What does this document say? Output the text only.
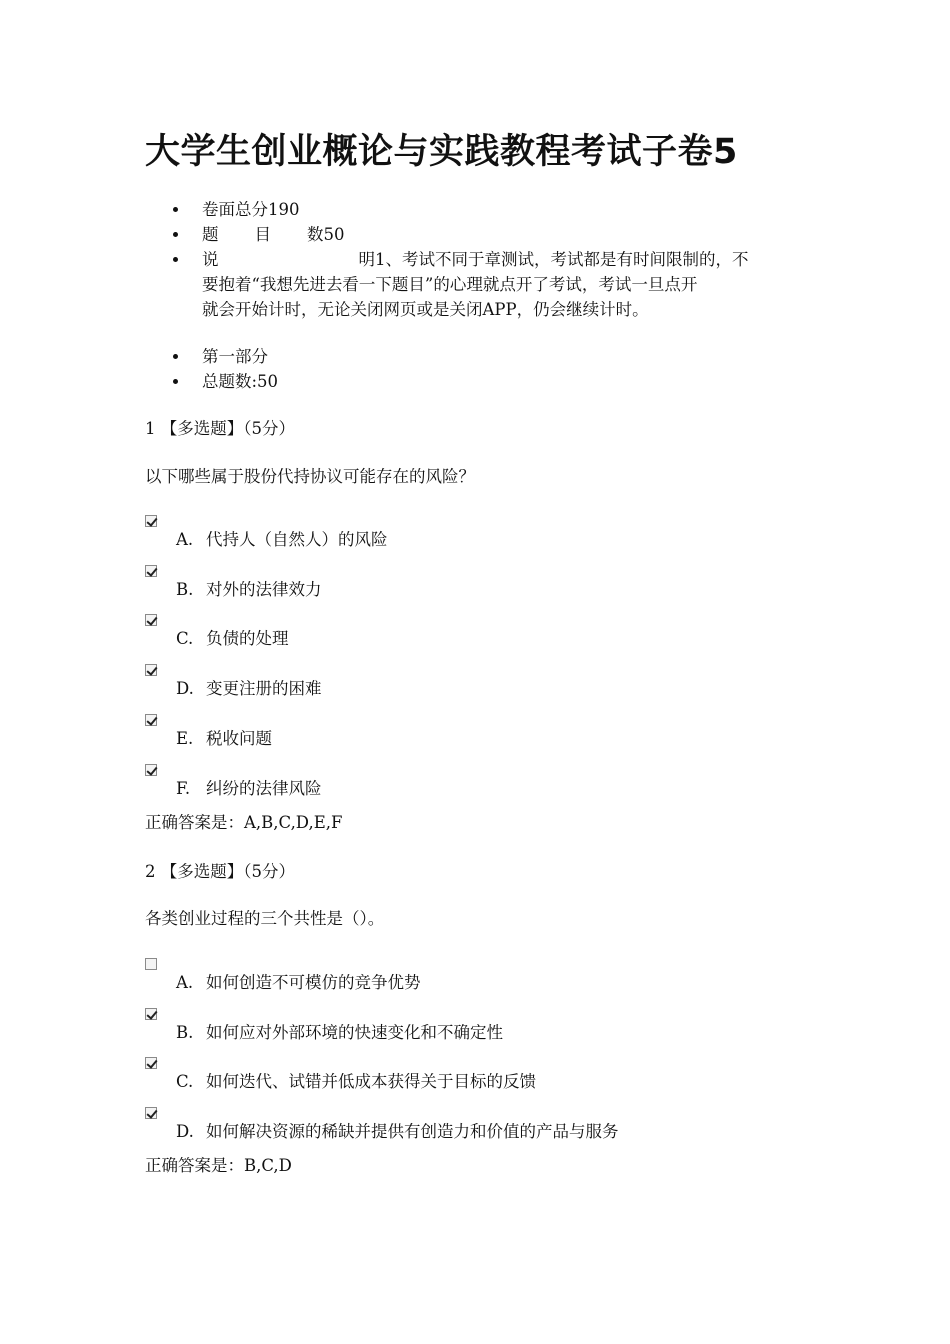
大学生创业概论与实践教程考试子卷5
卷面总分190
题 目 数50
说	明1、考试不同于章测试，考试都是有时间限制的，不
要抱着“我想先进去看一下题目”的心理就点开了考试，考试一旦点开
就会开始计时，无论关闭网页或是关闭APP，仍会继续计时。
第一部分
总题数:50
1 【多选题】（5分）
以下哪些属于股份代持协议可能存在的风险？
A. 代持人（自然人）的风险
B. 对外的法律效力
C. 负债的处理
D. 变更注册的困难
E. 税收问题
F. 纠纷的法律风险
正确答案是：A,B,C,D,E,F
2 【多选题】（5分）
各类创业过程的三个共性是（）。
A. 如何创造不可模仿的竞争优势
B. 如何应对外部环境的快速变化和不确定性
C. 如何迭代、试错并低成本获得关于目标的反馈
D. 如何解决资源的稀缺并提供有创造力和价值的产品与服务
正确答案是：B,C,D
